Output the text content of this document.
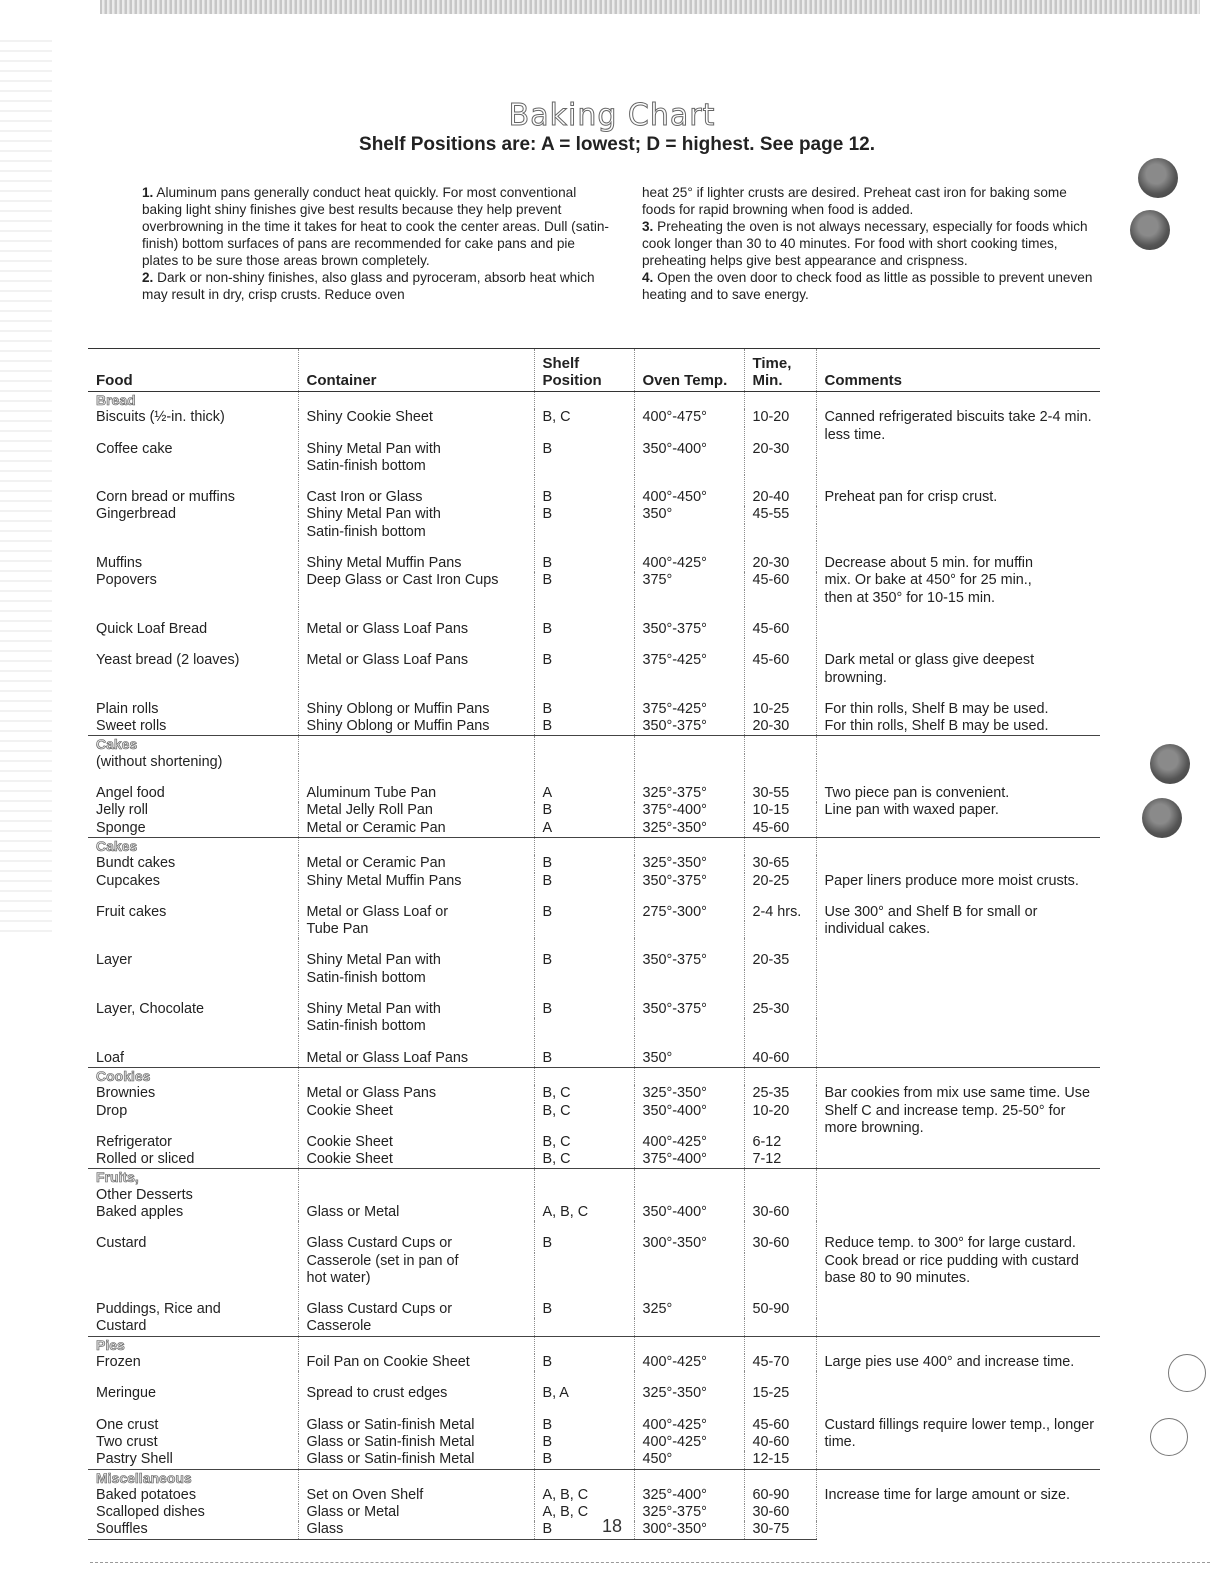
Baking Chart
Shelf Positions are: A = lowest; D = highest. See page 12.

1. Aluminum pans generally conduct heat quickly. For most conventional baking light shiny finishes give best results because they help prevent overbrowning in the time it takes for heat to cook the center areas. Dull (satin-finish) bottom surfaces of pans are recommended for cake pans and pie plates to be sure those areas brown completely.

2. Dark or non-shiny finishes, also glass and pyroceram, absorb heat which may result in dry, crisp crusts. Reduce oven

heat 25° if lighter crusts are desired. Preheat cast iron for baking some foods for rapid browning when food is added.

3. Preheating the oven is not always necessary, especially for foods which cook longer than 30 to 40 minutes. For food with short cooking times, preheating helps give best appearance and crispness.

4. Open the oven door to check food as little as possible to prevent uneven heating and to save energy.

Food	Container	Shelf Position	Oven Temp.	Time, Min.	Comments
Bread					
Biscuits (½-in. thick)	Shiny Cookie Sheet	B, C	400°-475°	10-20	Canned refrigerated biscuits take 2-4 min. less time.
Coffee cake	Shiny Metal Pan with	B	350°-400°	20-30	
	Satin-finish bottom				
Corn bread or muffins	Cast Iron or Glass	B	400°-450°	20-40	Preheat pan for crisp crust.
Gingerbread	Shiny Metal Pan with	B	350°	45-55	
	Satin-finish bottom				
Muffins	Shiny Metal Muffin Pans	B	400°-425°	20-30	Decrease about 5 min. for muffin
Popovers	Deep Glass or Cast Iron Cups	B	375°	45-60	mix. Or bake at 450° for 25 min.,
					then at 350° for 10-15 min.
Quick Loaf Bread	Metal or Glass Loaf Pans	B	350°-375°	45-60	
Yeast bread (2 loaves)	Metal or Glass Loaf Pans	B	375°-425°	45-60	Dark metal or glass give deepest browning.
Plain rolls	Shiny Oblong or Muffin Pans	B	375°-425°	10-25	For thin rolls, Shelf B may be used.
Sweet rolls	Shiny Oblong or Muffin Pans	B	350°-375°	20-30	For thin rolls, Shelf B may be used.
Cakes					
(without shortening)					
Angel food	Aluminum Tube Pan	A	325°-375°	30-55	Two piece pan is convenient.
Jelly roll	Metal Jelly Roll Pan	B	375°-400°	10-15	Line pan with waxed paper.
Sponge	Metal or Ceramic Pan	A	325°-350°	45-60	
Cakes					
Bundt cakes	Metal or Ceramic Pan	B	325°-350°	30-65	
Cupcakes	Shiny Metal Muffin Pans	B	350°-375°	20-25	Paper liners produce more moist crusts.
Fruit cakes	Metal or Glass Loaf or	B	275°-300°	2-4 hrs.	Use 300° and Shelf B for small or individual cakes.
	Tube Pan				
Layer	Shiny Metal Pan with	B	350°-375°	20-35	
	Satin-finish bottom				
Layer, Chocolate	Shiny Metal Pan with	B	350°-375°	25-30	
	Satin-finish bottom				
Loaf	Metal or Glass Loaf Pans	B	350°	40-60	
Cookies					
Brownies	Metal or Glass Pans	B, C	325°-350°	25-35	Bar cookies from mix use same time. Use Shelf C and increase temp. 25-50° for more browning.
Drop	Cookie Sheet	B, C	350°-400°	10-20	
Refrigerator	Cookie Sheet	B, C	400°-425°	6-12	
Rolled or sliced	Cookie Sheet	B, C	375°-400°	7-12	
Fruits,					
Other Desserts					
Baked apples	Glass or Metal	A, B, C	350°-400°	30-60	
Custard	Glass Custard Cups or	B	300°-350°	30-60	Reduce temp. to 300° for large custard. Cook bread or rice pudding with custard base 80 to 90 minutes.
	Casserole (set in pan of				
	hot water)				
Puddings, Rice and	Glass Custard Cups or	B	325°	50-90	
Custard	Casserole				
Pies					
Frozen	Foil Pan on Cookie Sheet	B	400°-425°	45-70	Large pies use 400° and increase time.
Meringue	Spread to crust edges	B, A	325°-350°	15-25	
One crust	Glass or Satin-finish Metal	B	400°-425°	45-60	Custard fillings require lower temp., longer time.
Two crust	Glass or Satin-finish Metal	B	400°-425°	40-60	
Pastry Shell	Glass or Satin-finish Metal	B	450°	12-15	
Miscellaneous					
Baked potatoes	Set on Oven Shelf	A, B, C	325°-400°	60-90	Increase time for large amount or size.
Scalloped dishes	Glass or Metal	A, B, C	325°-375°	30-60	
Souffles	Glass	B	300°-350°	30-75	
18
